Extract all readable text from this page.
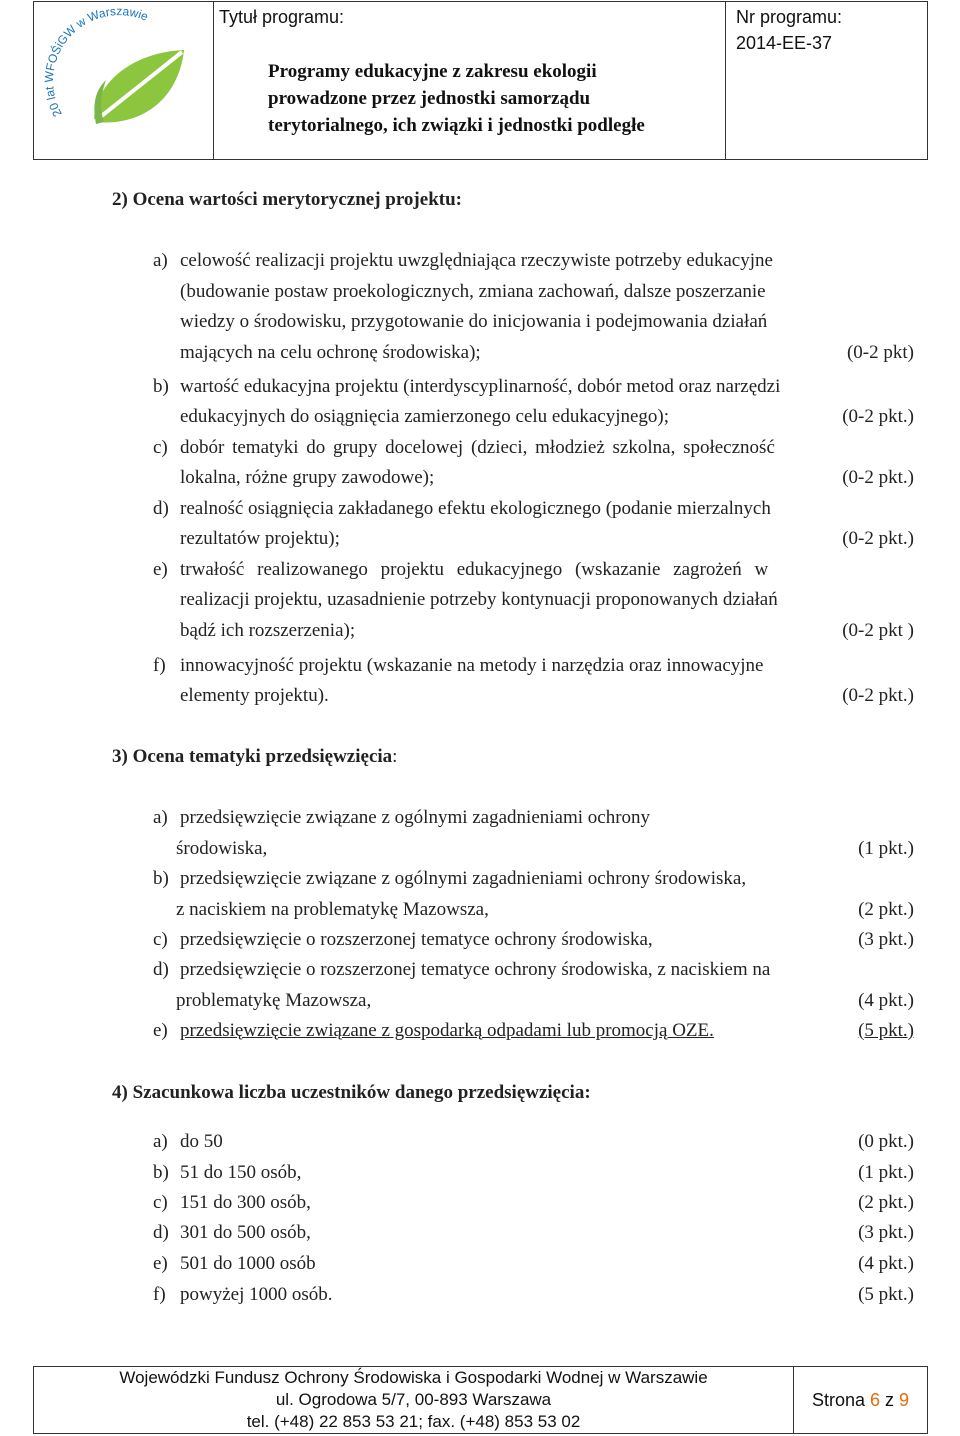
20 lat WFOŚiGW w Warszawie	Tytuł programu:
Programy edukacyjne z zakresu ekologii
prowadzone przez jednostki samorządu
terytorialnego, ich związki i jednostki podległe
Nr programu:
2014-EE-37
2) Ocena wartości merytorycznej projektu:
a) celowość realizacji projektu uwzględniająca rzeczywiste potrzeby edukacyjne
(budowanie postaw proekologicznych, zmiana zachowań, dalsze poszerzanie
wiedzy o środowisku, przygotowanie do inicjowania i podejmowania działań
mających na celu ochronę środowiska);	(0-2 pkt)
b) wartość edukacyjna projektu (interdyscyplinarność, dobór metod oraz narzędzi
edukacyjnych do osiągnięcia zamierzonego celu edukacyjnego);	(0-2 pkt.)
c) dobór tematyki do grupy docelowej (dzieci, młodzież szkolna, społeczność
lokalna, różne grupy zawodowe);	(0-2 pkt.)
d) realność osiągnięcia zakładanego efektu ekologicznego (podanie mierzalnych
rezultatów projektu);	(0-2 pkt.)
e) trwałość realizowanego projektu edukacyjnego (wskazanie zagrożeń w
realizacji projektu, uzasadnienie potrzeby kontynuacji proponowanych działań
bądź ich rozszerzenia);	(0-2 pkt )
f) innowacyjność projektu (wskazanie na metody i narzędzia oraz innowacyjne
elementy projektu).	(0-2 pkt.)
3) Ocena tematyki przedsięwzięcia:
a) przedsięwzięcie związane z ogólnymi zagadnieniami ochrony
środowiska,	(1 pkt.)
b) przedsięwzięcie związane z ogólnymi zagadnieniami ochrony środowiska,
z naciskiem na problematykę Mazowsza,	(2 pkt.)
c) przedsięwzięcie o rozszerzonej tematyce ochrony środowiska,	(3 pkt.)
d) przedsięwzięcie o rozszerzonej tematyce ochrony środowiska, z naciskiem na
problematykę Mazowsza,	(4 pkt.)
e) przedsięwzięcie związane z gospodarką odpadami lub promocją OZE.	(5 pkt.)
4) Szacunkowa liczba uczestników danego przedsięwzięcia:
a) do 50	(0 pkt.)
b) 51 do 150 osób,	(1 pkt.)
c) 151 do 300 osób,	(2 pkt.)
d) 301 do 500 osób,	(3 pkt.)
e) 501 do 1000 osób	(4 pkt.)
f) powyżej 1000 osób.	(5 pkt.)
Wojewódzki Fundusz Ochrony Środowiska i Gospodarki Wodnej w Warszawie
ul. Ogrodowa 5/7, 00-893 Warszawa
tel. (+48) 22 853 53 21; fax. (+48) 853 53 02
Strona 6 z 9
